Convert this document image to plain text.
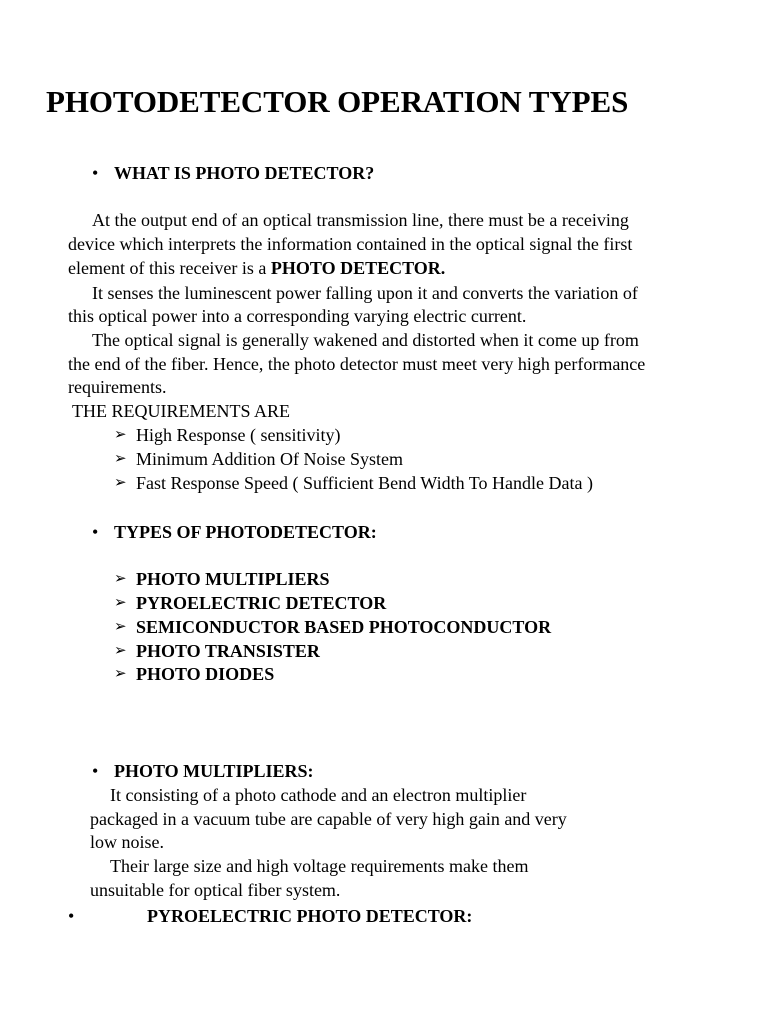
PHOTODETECTOR OPERATION TYPES
• WHAT IS PHOTO DETECTOR?

At the output end of an optical transmission line, there must be a receiving

device which interprets the information contained in the optical signal the first

element of this receiver is a PHOTO DETECTOR.

It senses the luminescent power falling upon it and converts the variation of

this optical power into a corresponding varying electric current.

The optical signal is generally wakened and distorted when it come up from

the end of the fiber. Hence, the photo detector must meet very high performance

requirements.

THE REQUIREMENTS ARE

➢ High Response ( sensitivity)

➢ Minimum Addition Of Noise System

➢ Fast Response Speed ( Sufficient Bend Width To Handle Data )

• TYPES OF PHOTODETECTOR:

➢ PHOTO MULTIPLIERS

➢ PYROELECTRIC DETECTOR

➢ SEMICONDUCTOR BASED PHOTOCONDUCTOR

➢ PHOTO TRANSISTER

➢ PHOTO DIODES

• PHOTO MULTIPLIERS:

It consisting of a photo cathode and an electron multiplier

packaged in a vacuum tube are capable of very high gain and very

low noise.

Their large size and high voltage requirements make them

unsuitable for optical fiber system.

•	PYROELECTRIC PHOTO DETECTOR:
